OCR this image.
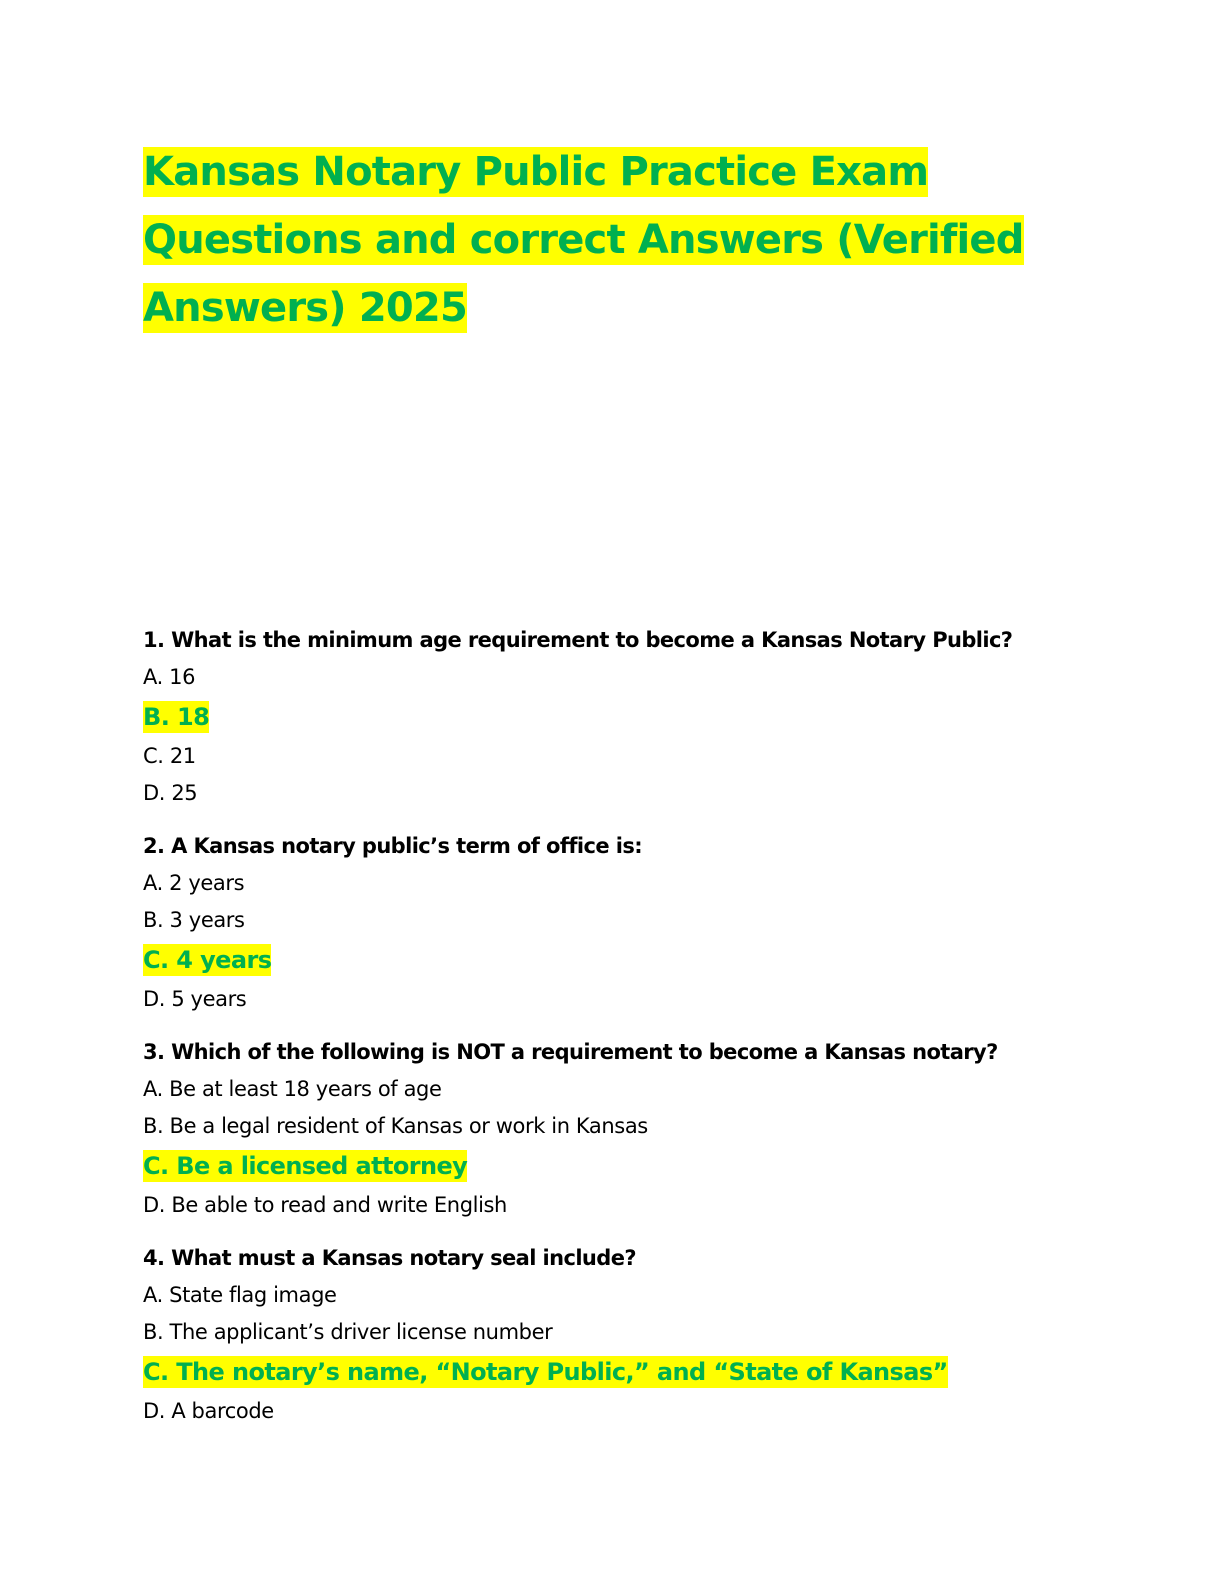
Kansas Notary Public Practice Exam
Questions and correct Answers (Verified
Answers) 2025

1. What is the minimum age requirement to become a Kansas Notary Public?

A. 16

B. 18

C. 21

D. 25

2. A Kansas notary public’s term of office is:

A. 2 years

B. 3 years

C. 4 years

D. 5 years

3. Which of the following is NOT a requirement to become a Kansas notary?

A. Be at least 18 years of age

B. Be a legal resident of Kansas or work in Kansas

C. Be a licensed attorney

D. Be able to read and write English

4. What must a Kansas notary seal include?

A. State flag image

B. The applicant’s driver license number

C. The notary’s name, “Notary Public,” and “State of Kansas”

D. A barcode
